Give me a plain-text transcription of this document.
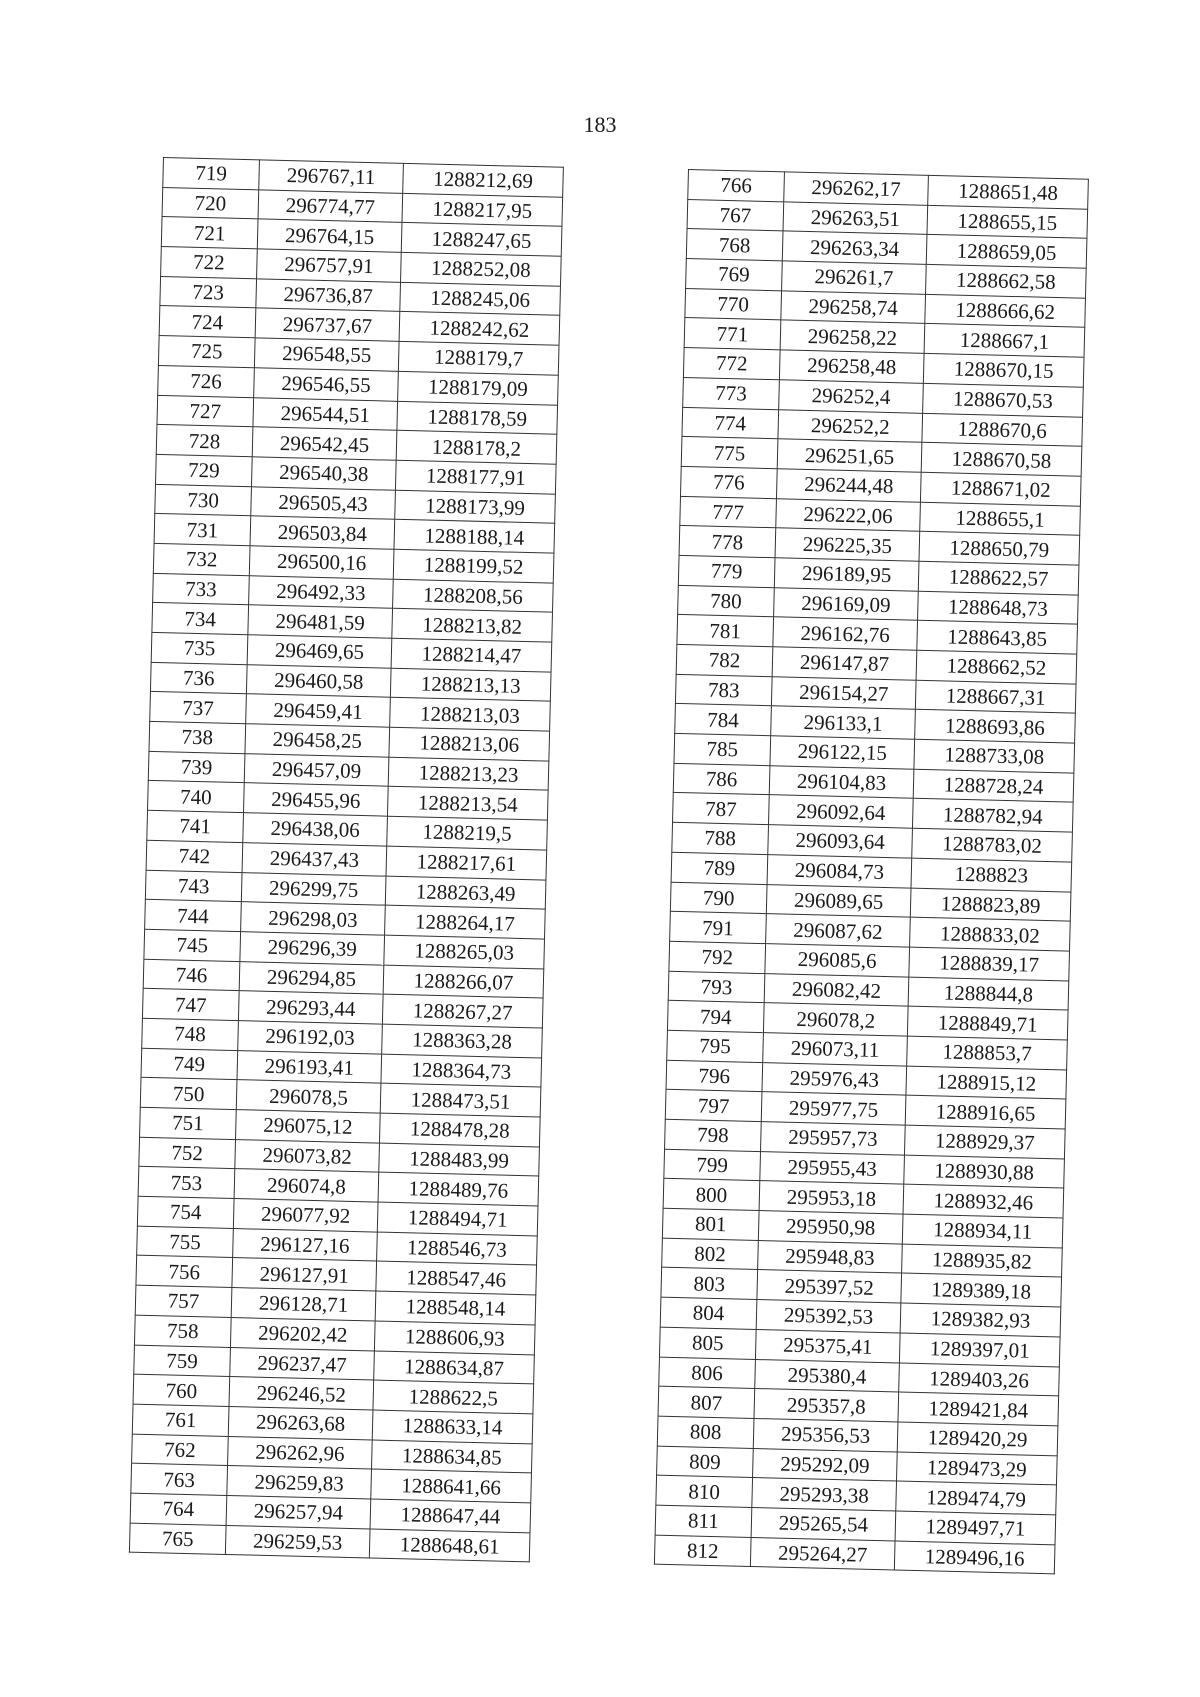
183
719	296767,11	1288212,69
720	296774,77	1288217,95
721	296764,15	1288247,65
722	296757,91	1288252,08
723	296736,87	1288245,06
724	296737,67	1288242,62
725	296548,55	1288179,7
726	296546,55	1288179,09
727	296544,51	1288178,59
728	296542,45	1288178,2
729	296540,38	1288177,91
730	296505,43	1288173,99
731	296503,84	1288188,14
732	296500,16	1288199,52
733	296492,33	1288208,56
734	296481,59	1288213,82
735	296469,65	1288214,47
736	296460,58	1288213,13
737	296459,41	1288213,03
738	296458,25	1288213,06
739	296457,09	1288213,23
740	296455,96	1288213,54
741	296438,06	1288219,5
742	296437,43	1288217,61
743	296299,75	1288263,49
744	296298,03	1288264,17
745	296296,39	1288265,03
746	296294,85	1288266,07
747	296293,44	1288267,27
748	296192,03	1288363,28
749	296193,41	1288364,73
750	296078,5	1288473,51
751	296075,12	1288478,28
752	296073,82	1288483,99
753	296074,8	1288489,76
754	296077,92	1288494,71
755	296127,16	1288546,73
756	296127,91	1288547,46
757	296128,71	1288548,14
758	296202,42	1288606,93
759	296237,47	1288634,87
760	296246,52	1288622,5
761	296263,68	1288633,14
762	296262,96	1288634,85
763	296259,83	1288641,66
764	296257,94	1288647,44
765	296259,53	1288648,61
766	296262,17	1288651,48
767	296263,51	1288655,15
768	296263,34	1288659,05
769	296261,7	1288662,58
770	296258,74	1288666,62
771	296258,22	1288667,1
772	296258,48	1288670,15
773	296252,4	1288670,53
774	296252,2	1288670,6
775	296251,65	1288670,58
776	296244,48	1288671,02
777	296222,06	1288655,1
778	296225,35	1288650,79
779	296189,95	1288622,57
780	296169,09	1288648,73
781	296162,76	1288643,85
782	296147,87	1288662,52
783	296154,27	1288667,31
784	296133,1	1288693,86
785	296122,15	1288733,08
786	296104,83	1288728,24
787	296092,64	1288782,94
788	296093,64	1288783,02
789	296084,73	1288823
790	296089,65	1288823,89
791	296087,62	1288833,02
792	296085,6	1288839,17
793	296082,42	1288844,8
794	296078,2	1288849,71
795	296073,11	1288853,7
796	295976,43	1288915,12
797	295977,75	1288916,65
798	295957,73	1288929,37
799	295955,43	1288930,88
800	295953,18	1288932,46
801	295950,98	1288934,11
802	295948,83	1288935,82
803	295397,52	1289389,18
804	295392,53	1289382,93
805	295375,41	1289397,01
806	295380,4	1289403,26
807	295357,8	1289421,84
808	295356,53	1289420,29
809	295292,09	1289473,29
810	295293,38	1289474,79
811	295265,54	1289497,71
812	295264,27	1289496,16
